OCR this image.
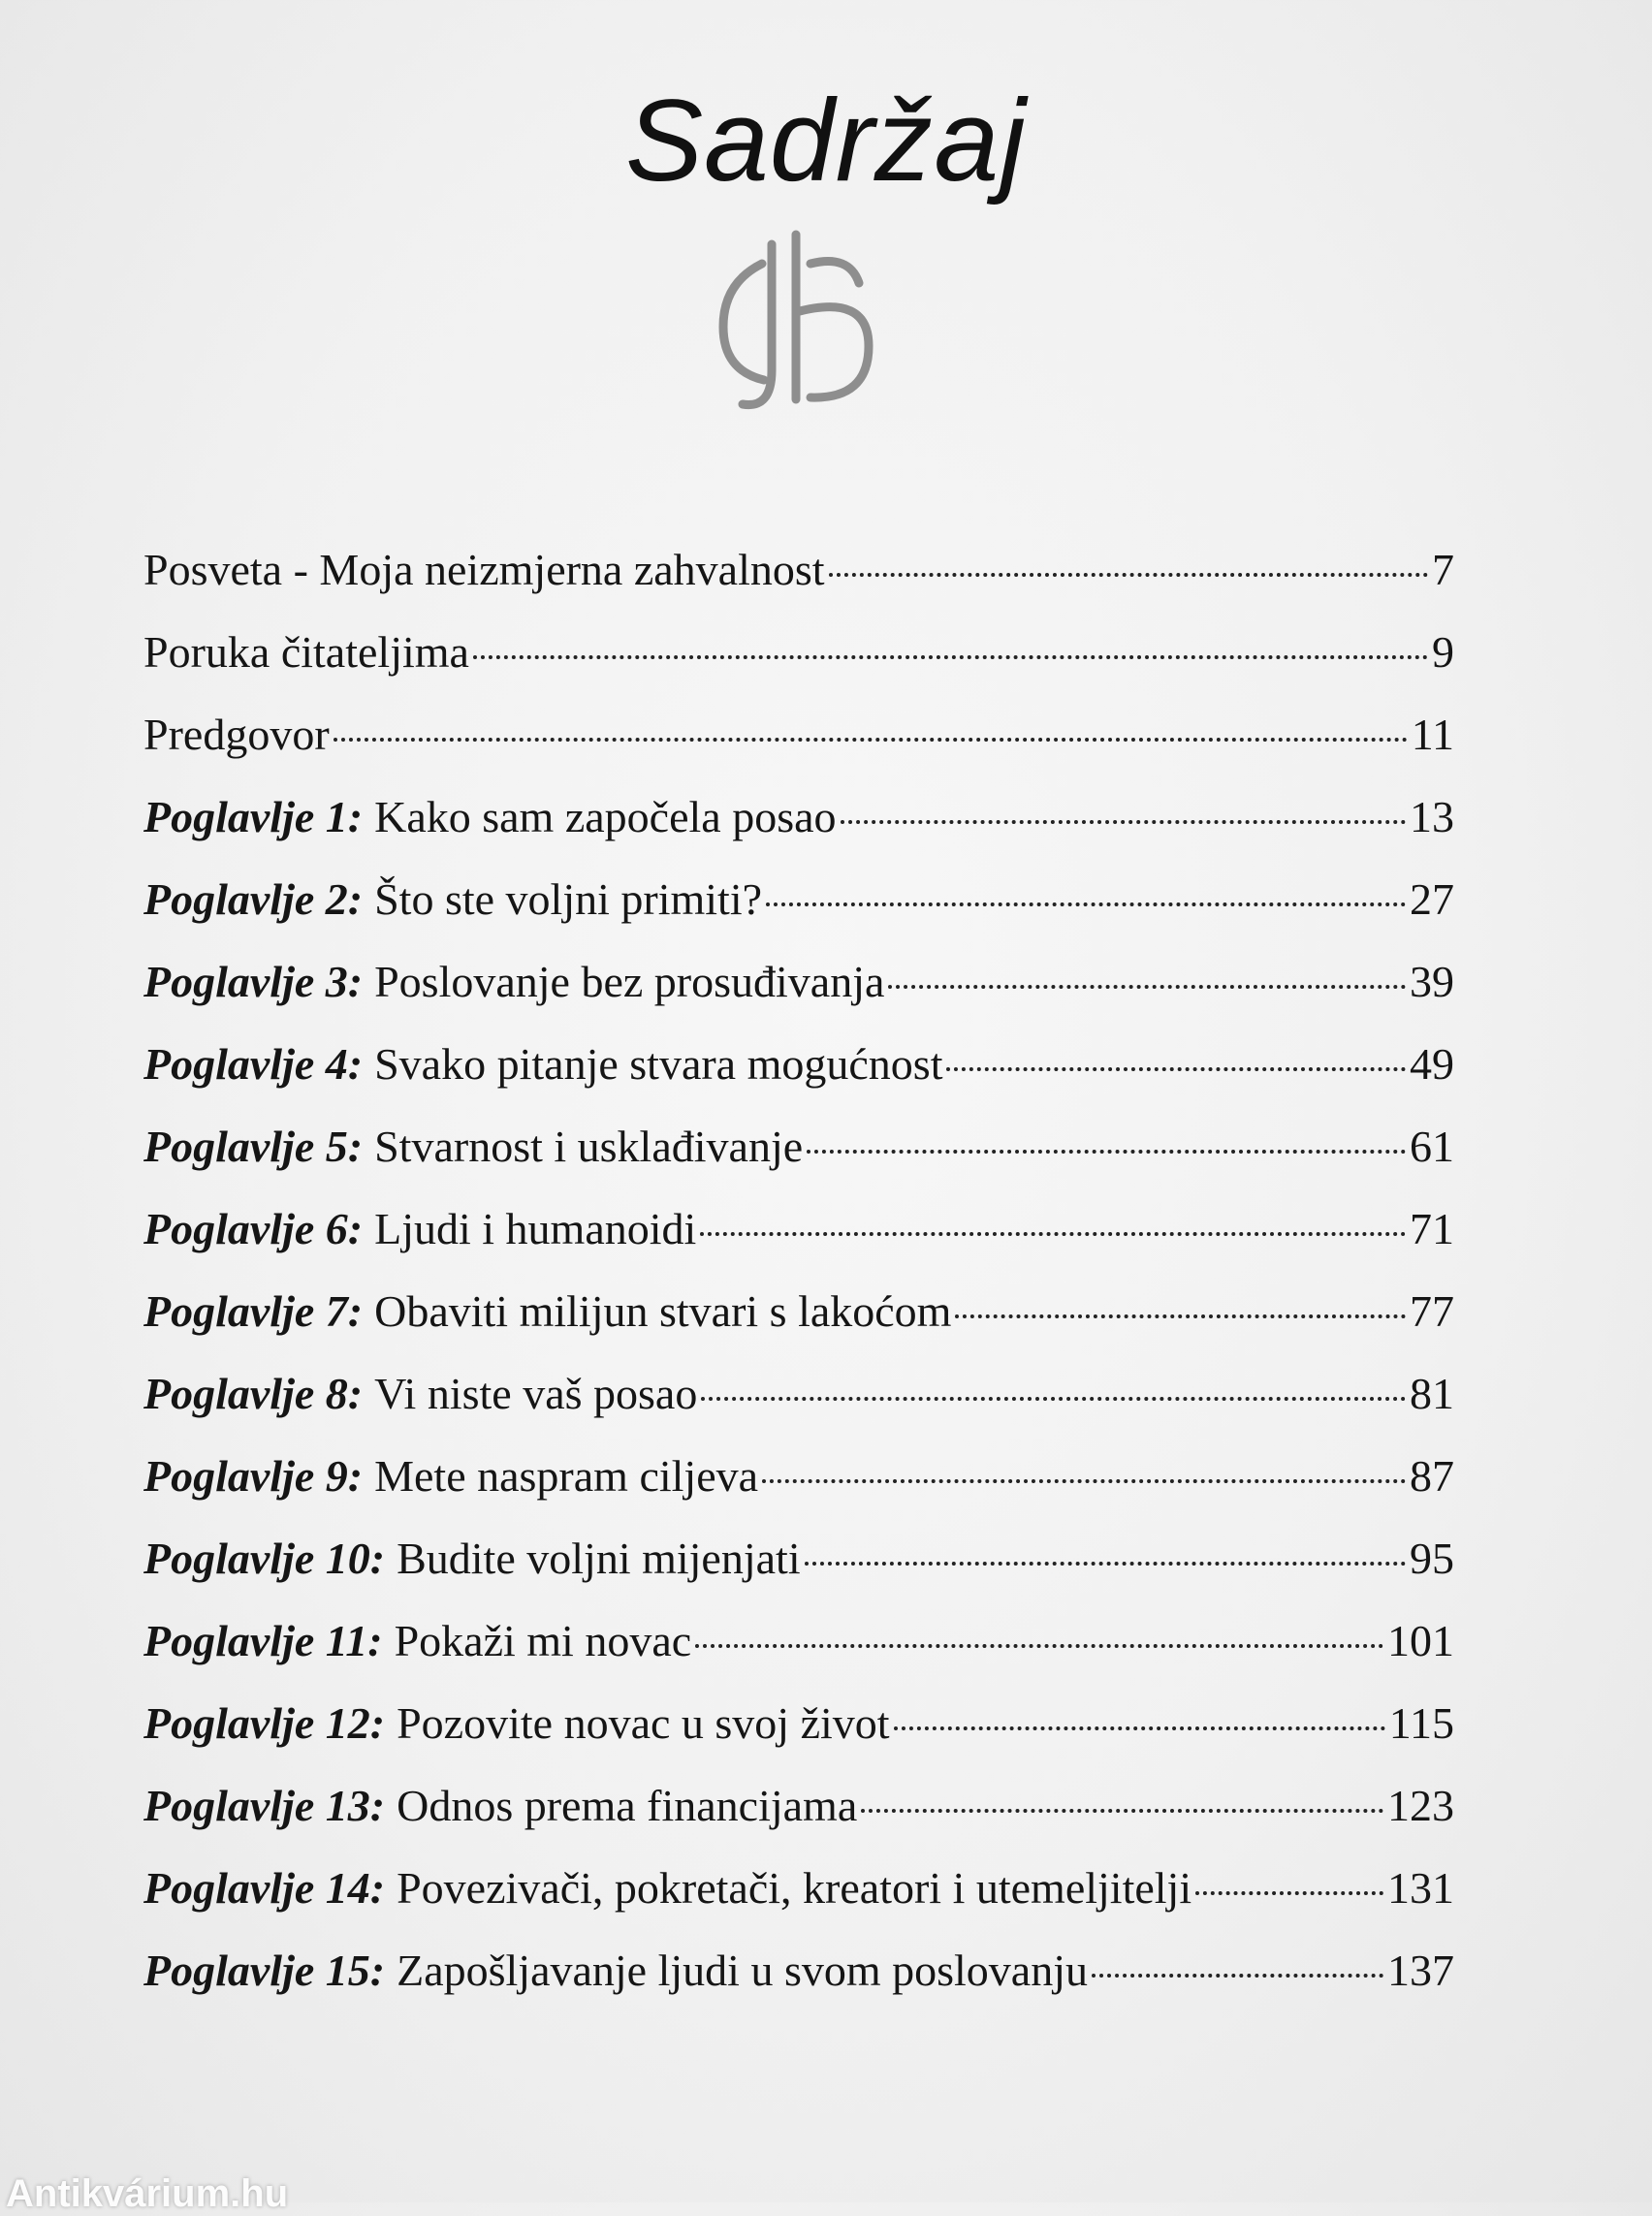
Sadržaj
Posveta - Moja neizmjerna zahvalnost	7
Poruka čitateljima	9
Predgovor	11
Poglavlje 1: Kako sam započela posao	13
Poglavlje 2: Što ste voljni primiti?	27
Poglavlje 3: Poslovanje bez prosuđivanja	39
Poglavlje 4: Svako pitanje stvara mogućnost	49
Poglavlje 5: Stvarnost i usklađivanje	61
Poglavlje 6: Ljudi i humanoidi	71
Poglavlje 7: Obaviti milijun stvari s lakoćom	77
Poglavlje 8: Vi niste vaš posao	81
Poglavlje 9: Mete naspram ciljeva	87
Poglavlje 10: Budite voljni mijenjati	95
Poglavlje 11: Pokaži mi novac	101
Poglavlje 12: Pozovite novac u svoj život	115
Poglavlje 13: Odnos prema financijama	123
Poglavlje 14: Povezivači, pokretači, kreatori i utemeljitelji	131
Poglavlje 15: Zapošljavanje ljudi u svom poslovanju	137
Antikvárium.hu
